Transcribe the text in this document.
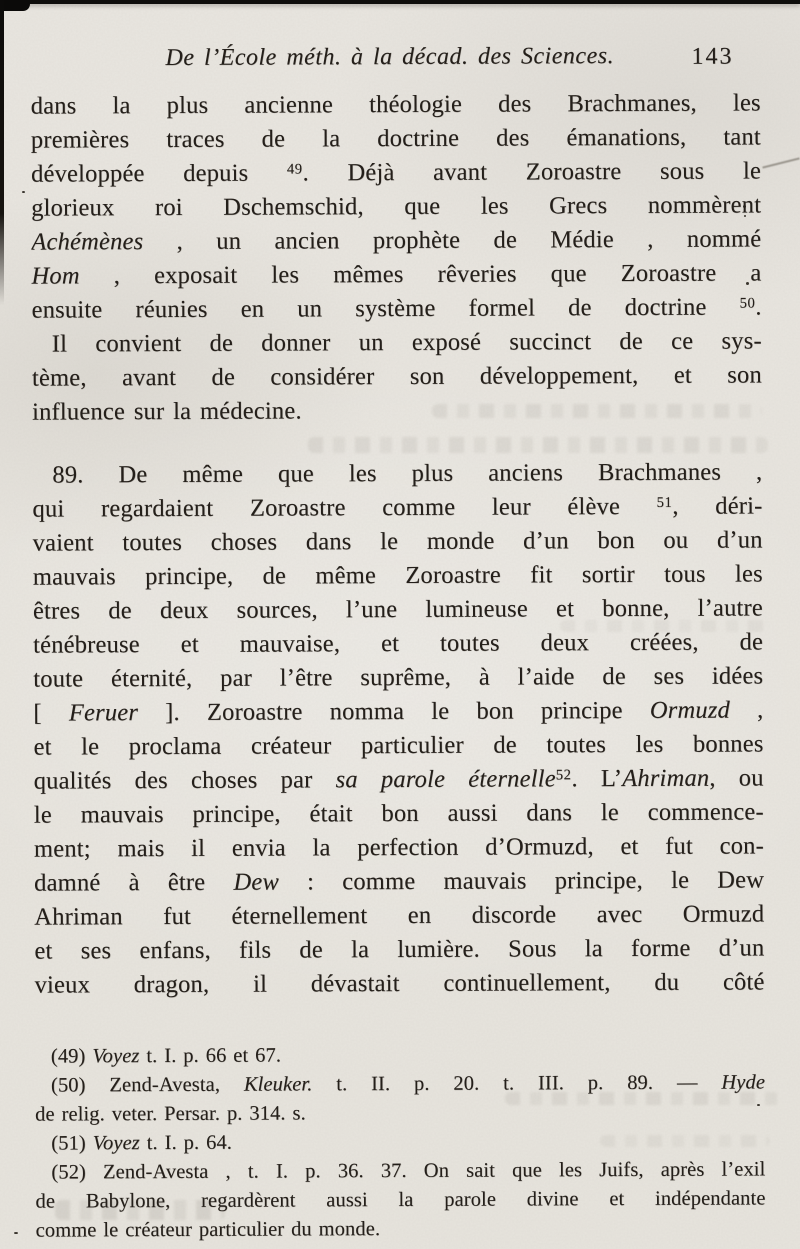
De l’École méth. à la décad. des Sciences.	143
dans la plus ancienne théologie des Brachmanes, les
premières traces de la doctrine des émanations, tant
développée depuis $^{49}$. Déjà avant Zoroastre sous le
glorieux roi Dschemschid, que les Grecs nommèrent
Achémènes , un ancien prophète de Médie , nommé
Hom , exposait les mêmes rêveries que Zoroastre a
ensuite réunies en un système formel de doctrine $^{50}$.
Il convient de donner un exposé succinct de ce sys-
tème, avant de considérer son développement, et son
influence sur la médecine.
89. De même que les plus anciens Brachmanes ,
qui regardaient Zoroastre comme leur élève $^{51}$, déri-
vaient toutes choses dans le monde d’un bon ou d’un
mauvais principe, de même Zoroastre fit sortir tous les
êtres de deux sources, l’une lumineuse et bonne, l’autre
ténébreuse et mauvaise, et toutes deux créées, de
toute éternité, par l’être suprême, à l’aide de ses idées
[ Feruer ]. Zoroastre nomma le bon principe Ormuzd ,
et le proclama créateur particulier de toutes les bonnes
qualités des choses par sa parole éternelle$^{52}$. L’Ahriman, ou
le mauvais principe, était bon aussi dans le commence-
ment; mais il envia la perfection d’Ormuzd, et fut con-
damné à être Dew : comme mauvais principe, le Dew
Ahriman fut éternellement en discorde avec Ormuzd
et ses enfans, fils de la lumière. Sous la forme d’un
vieux dragon, il dévastait continuellement, du côté
(49) Voyez t. I. p. 66 et 67.
(50) Zend-Avesta, Kleuker. t. II. p. 20. t. III. p. 89. — Hyde
de relig. veter. Persar. p. 314. s.
(51) Voyez t. I. p. 64.
(52) Zend-Avesta , t. I. p. 36. 37. On sait que les Juifs, après l’exil
de Babylone, regardèrent aussi la parole divine et indépendante
comme le créateur particulier du monde.
